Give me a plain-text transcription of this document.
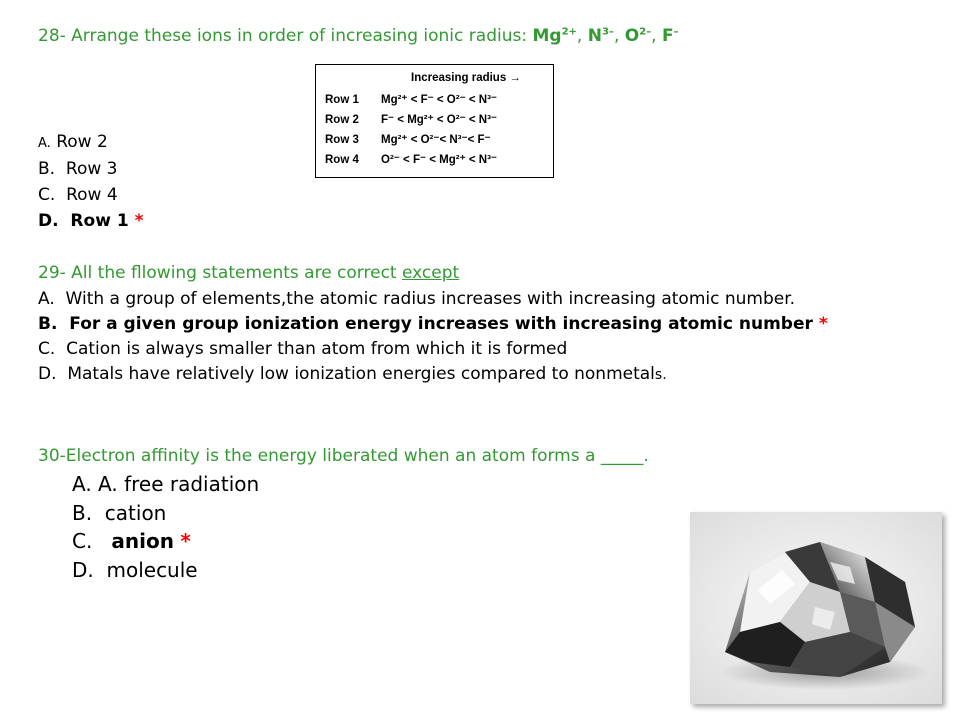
28- Arrange these ions in order of increasing ionic radius: $Mg^{2+}$, $N^{3-}$, $O^{2-}$, F–
Increasing radius →
Row 1 Mg²⁺ < F⁻ < O²⁻ < N³⁻
Row 2 F⁻ < Mg²⁺ < O²⁻ < N³⁻
Row 3 Mg²⁺ < O²⁻< N³⁻< F⁻
Row 4 O²⁻ < F⁻ < Mg²⁺ < N³⁻
A. Row 2
B. Row 3
C. Row 4
D. Row 1 *
29- All the fllowing statements are correct except
A. With a group of elements,the atomic radius increases with increasing atomic number.
B. For a given group ionization energy increases with increasing atomic number *
C. Cation is always smaller than atom from which it is formed
D. Matals have relatively low ionization energies compared to nonmetals.
30-Electron affinity is the energy liberated when an atom forms a _____.
A. A. free radiation
B. cation
C. anion *
D. molecule
